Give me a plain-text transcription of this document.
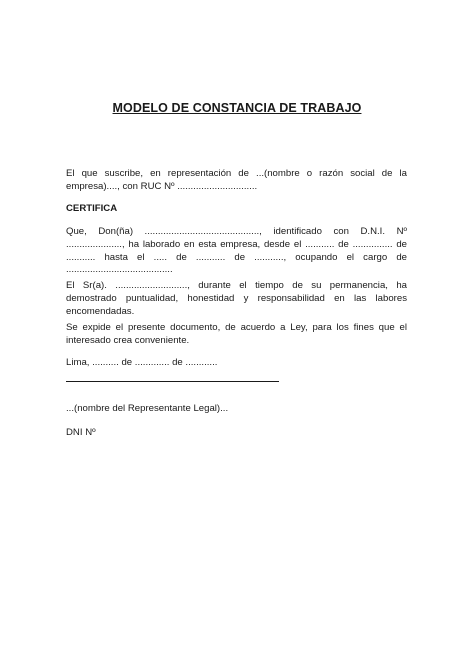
MODELO DE CONSTANCIA DE TRABAJO
El que suscribe, en representación de ...(nombre o razón social de la empresa)...., con RUC Nº ..............................
CERTIFICA
Que, Don(ña) ..........................................., identificado con D.N.I. Nº ....................., ha laborado en esta empresa, desde el ........... de ............... de ........... hasta el ..... de ........... de ..........., ocupando el cargo de ........................................
El Sr(a). ..........................., durante el tiempo de su permanencia, ha demostrado puntualidad, honestidad y responsabilidad en las labores encomendadas.
Se expide el presente documento, de acuerdo a Ley, para los fines que el interesado crea conveniente.
Lima, .......... de ............. de ............
...(nombre del Representante Legal)...
DNI Nº
